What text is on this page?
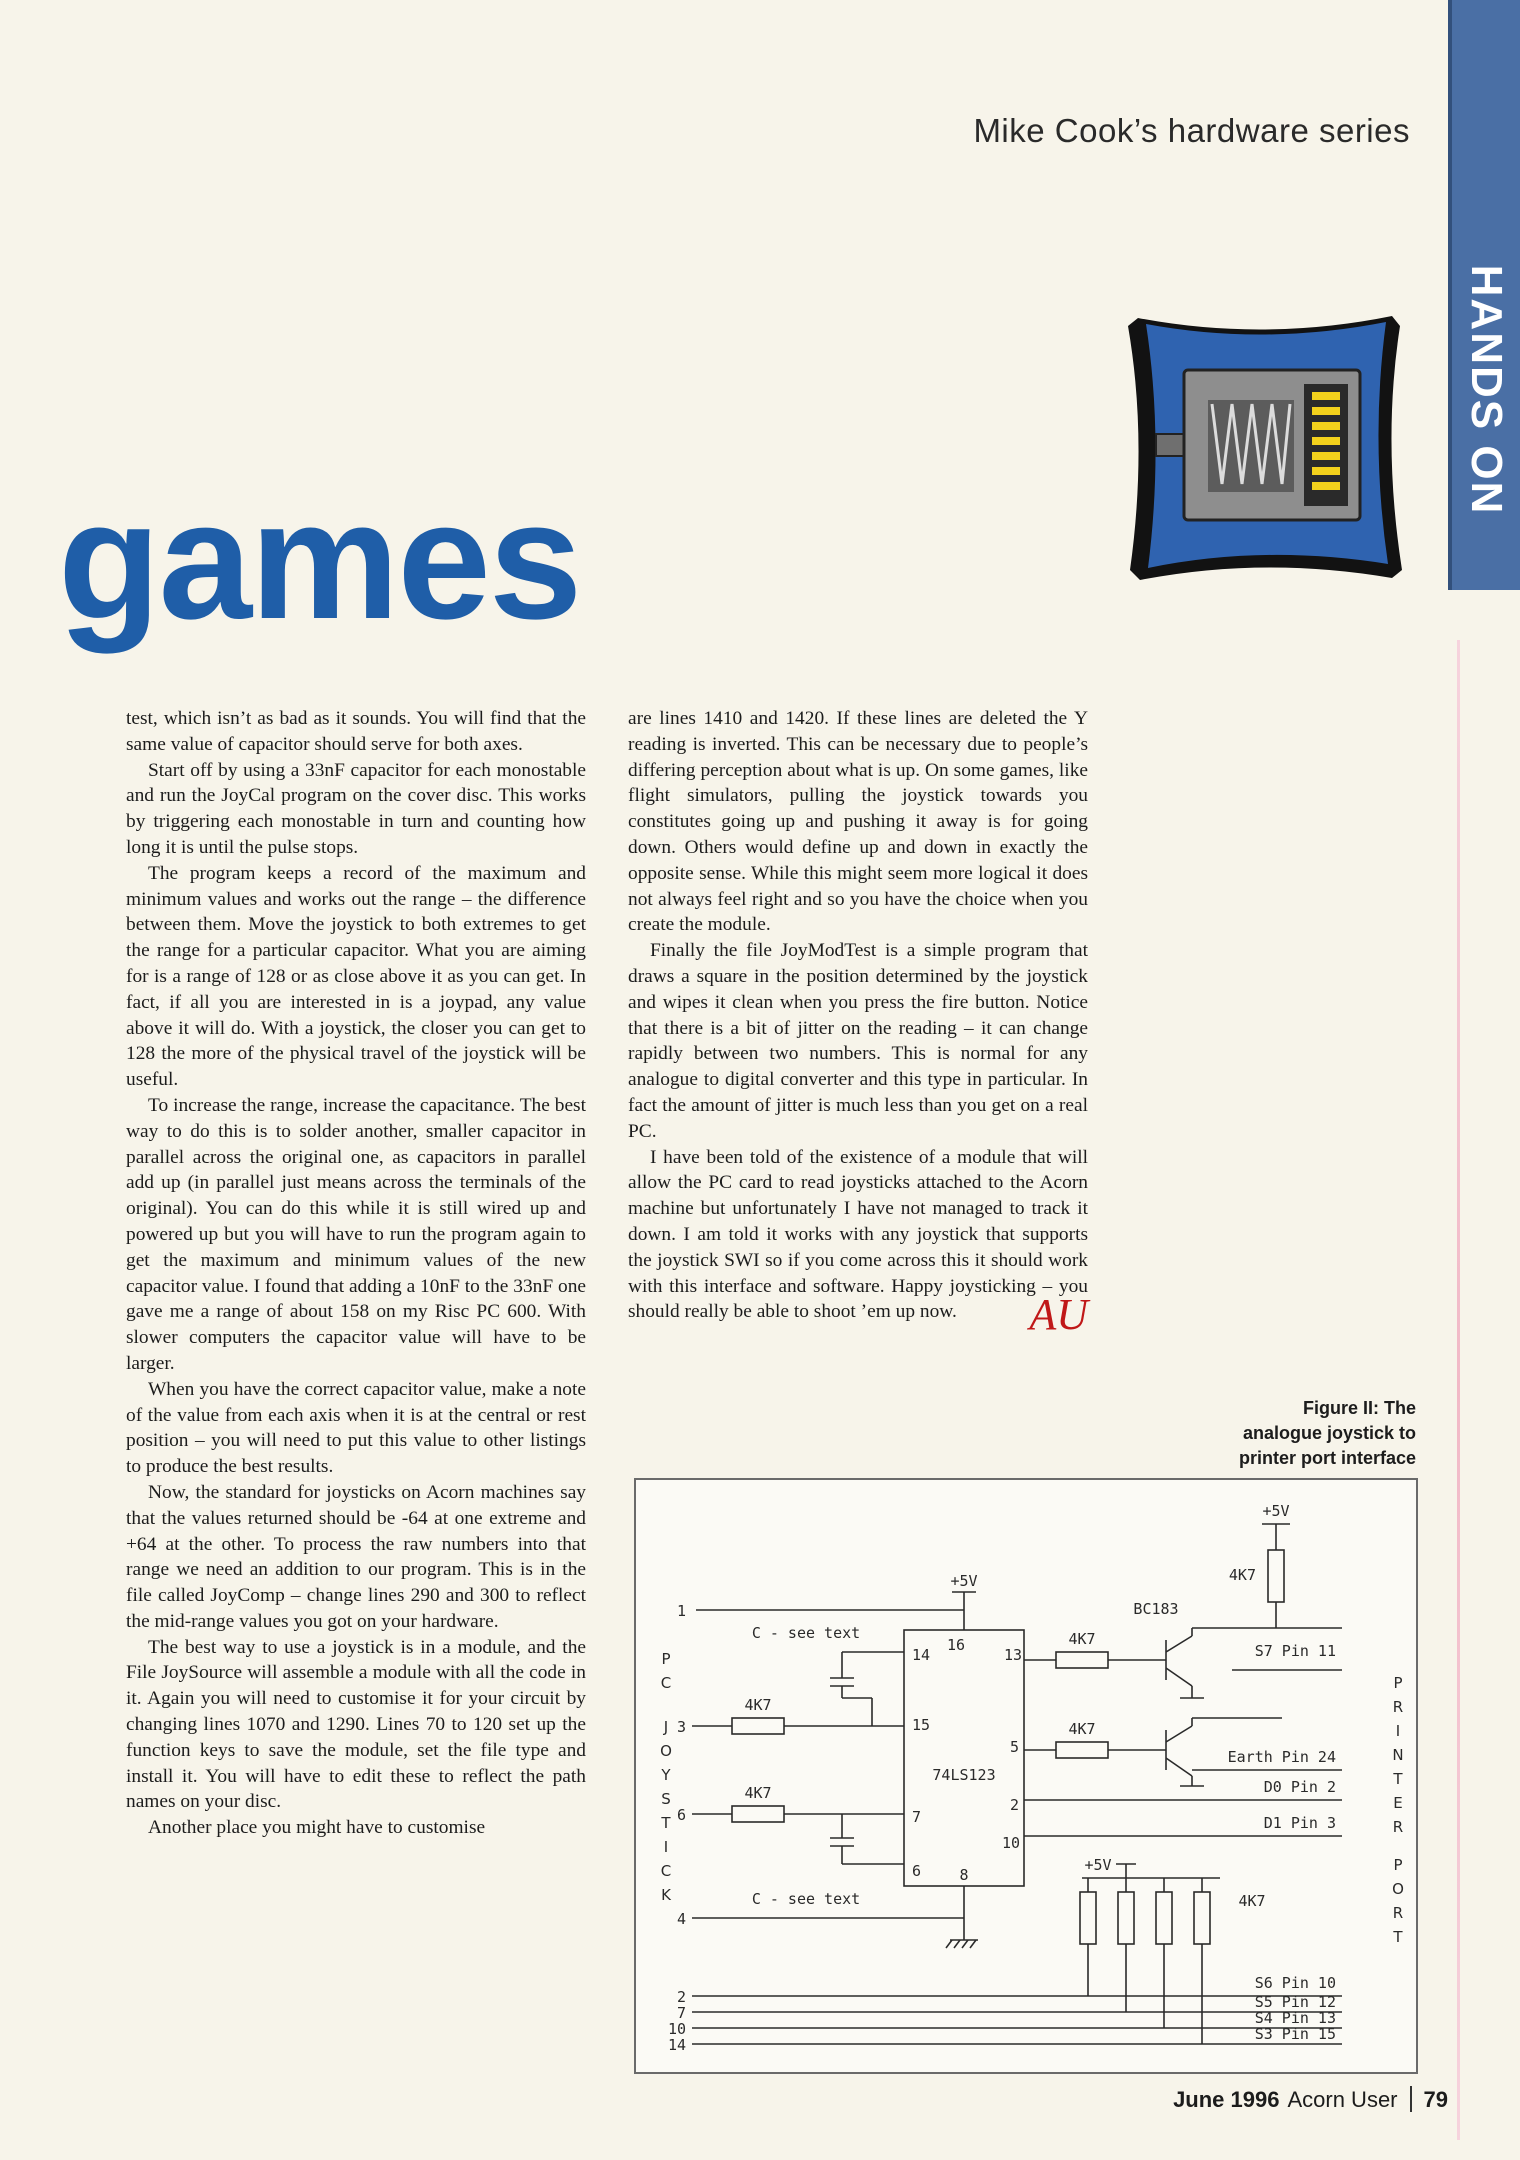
Mike Cook’s hardware series
HANDS ON
games

test, which isn’t as bad as it sounds. You will find that the same value of capacitor should serve for both axes.

Start off by using a 33nF capacitor for each monostable and run the JoyCal program on the cover disc. This works by triggering each monostable in turn and counting how long it is until the pulse stops.

The program keeps a record of the maximum and minimum values and works out the range – the difference between them. Move the joystick to both extremes to get the range for a particular capacitor. What you are aiming for is a range of 128 or as close above it as you can get. In fact, if all you are interested in is a joypad, any value above it will do. With a joystick, the closer you can get to 128 the more of the physical travel of the joystick will be useful.

To increase the range, increase the capacitance. The best way to do this is to solder another, smaller capacitor in parallel across the original one, as capacitors in parallel add up (in parallel just means across the terminals of the original). You can do this while it is still wired up and powered up but you will have to run the program again to get the maximum and minimum values of the new capacitor value. I found that adding a 10nF to the 33nF one gave me a range of about 158 on my Risc PC 600. With slower computers the capacitor value will have to be larger.

When you have the correct capacitor value, make a note of the value from each axis when it is at the central or rest position – you will need to put this value to other listings to produce the best results.

Now, the standard for joysticks on Acorn machines say that the values returned should be -64 at one extreme and +64 at the other. To process the raw numbers into that range we need an addition to our program. This is in the file called JoyComp – change lines 290 and 300 to reflect the mid-range values you got on your hardware.

The best way to use a joystick is in a module, and the File JoySource will assemble a module with all the code in it. Again you will need to customise it for your circuit by changing lines 1070 and 1290. Lines 70 to 120 set up the function keys to save the module, set the file type and install it. You will have to edit these to reflect the path names on your disc.

Another place you might have to customise

are lines 1410 and 1420. If these lines are deleted the Y reading is inverted. This can be necessary due to people’s differing perception about what is up. On some games, like flight simulators, pulling the joystick towards you constitutes going up and pushing it away is for going down. Others would define up and down in exactly the opposite sense. While this might seem more logical it does not always feel right and so you have the choice when you create the module.

Finally the file JoyModTest is a simple program that draws a square in the position determined by the joystick and wipes it clean when you press the fire button. Notice that there is a bit of jitter on the reading – it can change rapidly between two numbers. This is normal for any analogue to digital converter and this type in particular. In fact the amount of jitter is much less than you get on a real PC.

I have been told of the existence of a module that will allow the PC card to read joysticks attached to the Acorn machine but unfortunately I have not managed to track it down. I am told it works with any joystick that supports the joystick SWI so if you come across this it should work with this interface and software. Happy joysticking – you should really be able to shoot ’em up now.	AU

Figure II: The
analogue joystick to
printer port interface
P
C
J
O
Y
S
T
I
C
K
P
R
I
N
T
E
R
P
O
R
T
74LS123
14
16
13
15
5
2
7
10
6	8
+5V
1
C - see text
3
4K7
6
4K7
C - see text
4
BC183
4K7
4K7
+5V
4K7
S7 Pin 11
Earth Pin 24
D0 Pin 2
D1 Pin 3
+5V
4K7
2
7
10
14
S6 Pin 10
S5 Pin 12
S4 Pin 13
S3 Pin 15
June 1996 Acorn User 79
